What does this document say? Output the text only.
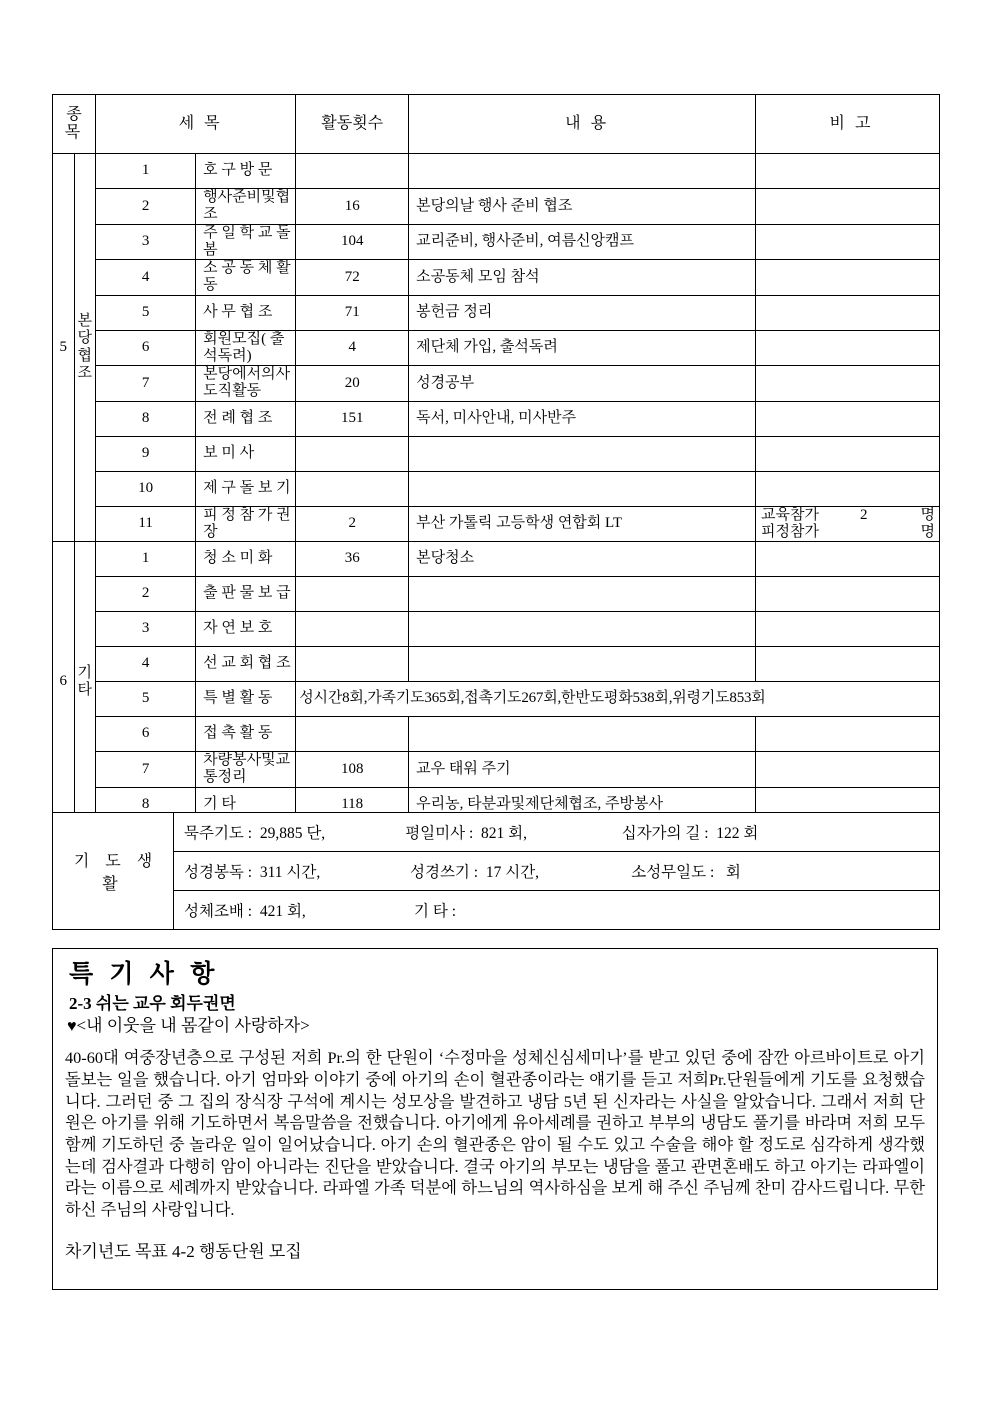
종 목		세 목		활동횟수	내 용	비 고
5	본
당
협
조	1	호 구 방 문			
		2	행사준비및협조	16	본당의날 행사 준비 협조	
		3	주 일 학 교 돌 봄	104	교리준비, 행사준비, 여름신앙캠프	
		4	소 공 동 체 활 동	72	소공동체 모임 참석	
		5	사 무 협 조	71	봉헌금 정리	
		6	회원모집( 출석독려)	4	제단체 가입, 출석독려	
		7	본당에서의사도직활동	20	성경공부	
		8	전 례 협 조	151	독서, 미사안내, 미사반주	
		9	보 미 사			
		10	제 구 돌 보 기			
		11	피 정 참 가 권 장	2	부산 가톨릭 고등학생 연합회 LT	교육참가 2 명
피정참가 명

6	기
타	1	청 소 미 화	36	본당청소	
		2	출 판 물 보 급			
		3	자 연 보 호			
		4	선 교 회 협 조			
		5	특 별 활 동	성시간8회,가족기도365회,접촉기도267회,한반도평화538회,위령기도853회		
		6	접 촉 활 동			
		7	차량봉사및교통정리	108	교우 태워 주기	
		8	기 타	118	우리농, 타분과및제단체협조, 주방봉사	
기 도 생 활	
묵주기도 :  29,885 단,	평일미사 :  821 회,	십자가의 길 :  122 회

성경봉독 :  311 시간,	성경쓰기 :  17 시간,	소성무일도 :   회

성체조배 :  421 회,	기 타 :
특 기 사 항
2-3 쉬는 교우 회두권면
♥<내 이웃을 내 몸같이 사랑하자>
40-60대 여중장년층으로 구성된 저희 Pr.의 한 단원이 ‘수정마을 성체신심세미나’를 받고 있던 중에 잠깐 아르바이트로 아기 돌보는 일을 했습니다. 아기 엄마와 이야기 중에 아기의 손이 혈관종이라는 얘기를 듣고 저희Pr.단원들에게 기도를 요청했습니다. 그러던 중 그 집의 장식장 구석에 계시는 성모상을 발견하고 냉담 5년 된 신자라는 사실을 알았습니다. 그래서 저희 단원은 아기를 위해 기도하면서 복음말씀을 전했습니다. 아기에게 유아세례를 권하고 부부의 냉담도 풀기를 바라며 저희 모두 함께 기도하던 중 놀라운 일이 일어났습니다. 아기 손의 혈관종은 암이 될 수도 있고 수술을 해야 할 정도로 심각하게 생각했는데 검사결과 다행히 암이 아니라는 진단을 받았습니다. 결국 아기의 부모는 냉담을 풀고 관면혼배도 하고 아기는 라파엘이라는 이름으로 세례까지 받았습니다. 라파엘 가족 덕분에 하느님의 역사하심을 보게 해 주신 주님께 찬미 감사드립니다. 무한하신 주님의 사랑입니다.
차기년도 목표 4-2 행동단원 모집
